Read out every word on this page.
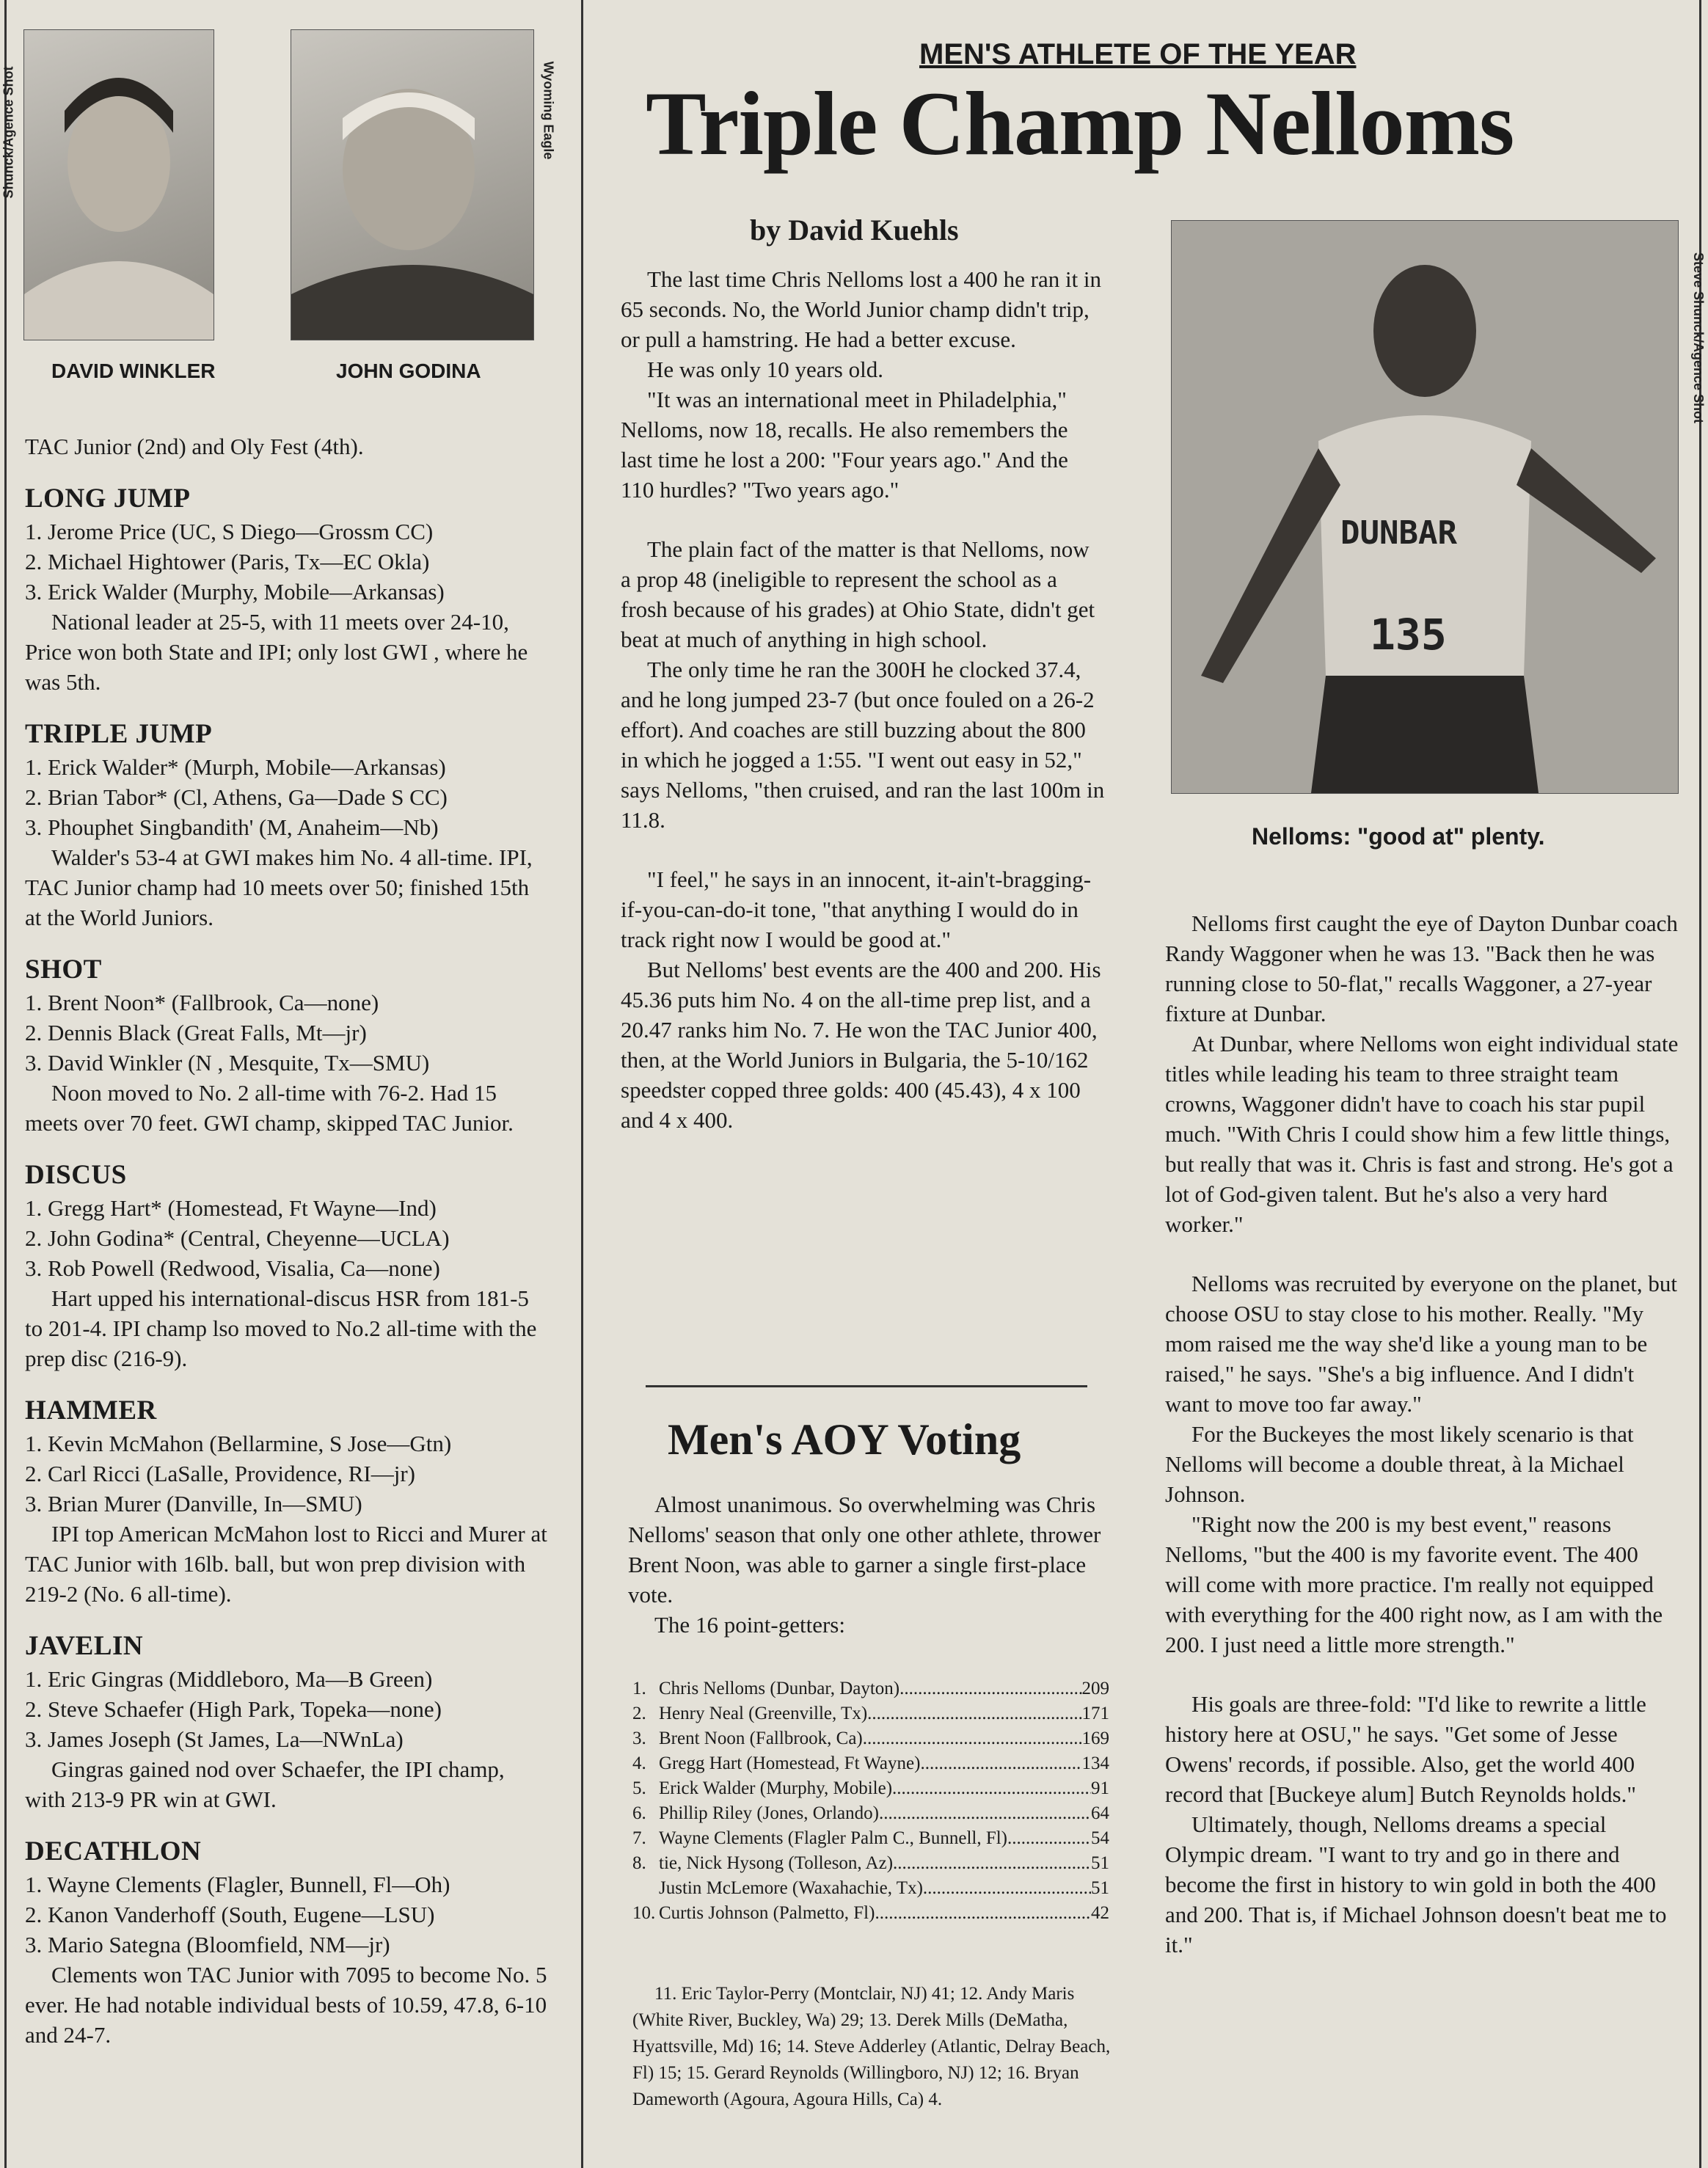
Shunck/Agence Shot	Wyoming Eagle
Steve Shunck/Agence Shot
DAVID WINKLER	JOHN GODINA

TAC Junior (2nd) and Oly Fest (4th).

LONG JUMP

1. Jerome Price (UC, S Diego—Grossm CC)

2. Michael Hightower (Paris, Tx—EC Okla)

3. Erick Walder (Murphy, Mobile—Arkansas)

National leader at 25-5, with 11 meets over 24-10, Price won both State and IPI; only lost GWI , where he was 5th.

TRIPLE JUMP

1. Erick Walder* (Murph, Mobile—Arkansas)

2. Brian Tabor* (Cl, Athens, Ga—Dade S CC)

3. Phouphet Singbandith' (M, Anaheim—Nb)

Walder's 53-4 at GWI makes him No. 4 all-time. IPI, TAC Junior champ had 10 meets over 50; finished 15th at the World Juniors.

SHOT

1. Brent Noon* (Fallbrook, Ca—none)

2. Dennis Black (Great Falls, Mt—jr)

3. David Winkler (N , Mesquite, Tx—SMU)

Noon moved to No. 2 all-time with 76-2. Had 15 meets over 70 feet. GWI champ, skipped TAC Junior.

DISCUS

1. Gregg Hart* (Homestead, Ft Wayne—Ind)

2. John Godina* (Central, Cheyenne—UCLA)

3. Rob Powell (Redwood, Visalia, Ca—none)

Hart upped his international-discus HSR from 181-5 to 201-4. IPI champ lso moved to No.2 all-time with the prep disc (216-9).

HAMMER

1. Kevin McMahon (Bellarmine, S Jose—Gtn)

2. Carl Ricci (LaSalle, Providence, RI—jr)

3. Brian Murer (Danville, In—SMU)

IPI top American McMahon lost to Ricci and Murer at TAC Junior with 16lb. ball, but won prep division with 219-2 (No. 6 all-time).

JAVELIN

1. Eric Gingras (Middleboro, Ma—B Green)

2. Steve Schaefer (High Park, Topeka—none)

3. James Joseph (St James, La—NWnLa)

Gingras gained nod over Schaefer, the IPI champ, with 213-9 PR win at GWI.

DECATHLON

1. Wayne Clements (Flagler, Bunnell, Fl—Oh)

2. Kanon Vanderhoff (South, Eugene—LSU)

3. Mario Sategna (Bloomfield, NM—jr)

Clements won TAC Junior with 7095 to become No. 5 ever. He had notable individual bests of 10.59, 47.8, 6-10 and 24-7.

MEN'S ATHLETE OF THE YEAR
Triple Champ Nelloms
by David Kuehls

The last time Chris Nelloms lost a 400 he ran it in 65 seconds. No, the World Junior champ didn't trip, or pull a hamstring. He had a better excuse.

He was only 10 years old.

"It was an international meet in Philadelphia," Nelloms, now 18, recalls. He also remembers the last time he lost a 200: "Four years ago." And the 110 hurdles? "Two years ago."

The plain fact of the matter is that Nelloms, now a prop 48 (ineligible to represent the school as a frosh because of his grades) at Ohio State, didn't get beat at much of anything in high school.

The only time he ran the 300H he clocked 37.4, and he long jumped 23-7 (but once fouled on a 26-2 effort). And coaches are still buzzing about the 800 in which he jogged a 1:55. "I went out easy in 52," says Nelloms, "then cruised, and ran the last 100m in 11.8.

"I feel," he says in an innocent, it-ain't-bragging-if-you-can-do-it tone, "that anything I would do in track right now I would be good at."

But Nelloms' best events are the 400 and 200. His 45.36 puts him No. 4 on the all-time prep list, and a 20.47 ranks him No. 7. He won the TAC Junior 400, then, at the World Juniors in Bulgaria, the 5-10/162 speedster copped three golds: 400 (45.43), 4 x 100 and 4 x 400.

Men's AOY Voting

Almost unanimous. So overwhelming was Chris Nelloms' season that only one other athlete, thrower Brent Noon, was able to garner a single first-place vote.

The 16 point-getters:

1. Chris Nelloms (Dunbar, Dayton) .....	209
2. Henry Neal (Greenville, Tx) .....	171
3. Brent Noon (Fallbrook, Ca) .....	169
4. Gregg Hart (Homestead, Ft Wayne) .....	134
5. Erick Walder (Murphy, Mobile) .....	91
6. Phillip Riley (Jones, Orlando) .....	64
7. Wayne Clements (Flagler Palm C., Bunnell, Fl) .....	54
8. tie, Nick Hysong (Tolleson, Az) .....	51
Justin McLemore (Waxahachie, Tx) .....	51
10. Curtis Johnson (Palmetto, Fl) .....	42
11. Eric Taylor-Perry (Montclair, NJ) 41; 12. Andy Maris (White River, Buckley, Wa) 29; 13. Derek Mills (DeMatha, Hyattsville, Md) 16; 14. Steve Adderley (Atlantic, Delray Beach, Fl) 15; 15. Gerard Reynolds (Willingboro, NJ) 12; 16. Bryan Dameworth (Agoura, Agoura Hills, Ca) 4.
DUNBAR
135
Nelloms: "good at" plenty.

Nelloms first caught the eye of Dayton Dunbar coach Randy Waggoner when he was 13. "Back then he was running close to 50-flat," recalls Waggoner, a 27-year fixture at Dunbar.

At Dunbar, where Nelloms won eight individual state titles while leading his team to three straight team crowns, Waggoner didn't have to coach his star pupil much. "With Chris I could show him a few little things, but really that was it. Chris is fast and strong. He's got a lot of God-given talent. But he's also a very hard worker."

Nelloms was recruited by everyone on the planet, but choose OSU to stay close to his mother. Really. "My mom raised me the way she'd like a young man to be raised," he says. "She's a big influence. And I didn't want to move too far away."

For the Buckeyes the most likely scenario is that Nelloms will become a double threat, à la Michael Johnson.

"Right now the 200 is my best event," reasons Nelloms, "but the 400 is my favorite event. The 400 will come with more practice. I'm really not equipped with everything for the 400 right now, as I am with the 200. I just need a little more strength."

His goals are three-fold: "I'd like to rewrite a little history here at OSU," he says. "Get some of Jesse Owens' records, if possible. Also, get the world 400 record that [Buckeye alum] Butch Reynolds holds."

Ultimately, though, Nelloms dreams a special Olympic dream. "I want to try and go in there and become the first in history to win gold in both the 400 and 200. That is, if Michael Johnson doesn't beat me to it."
